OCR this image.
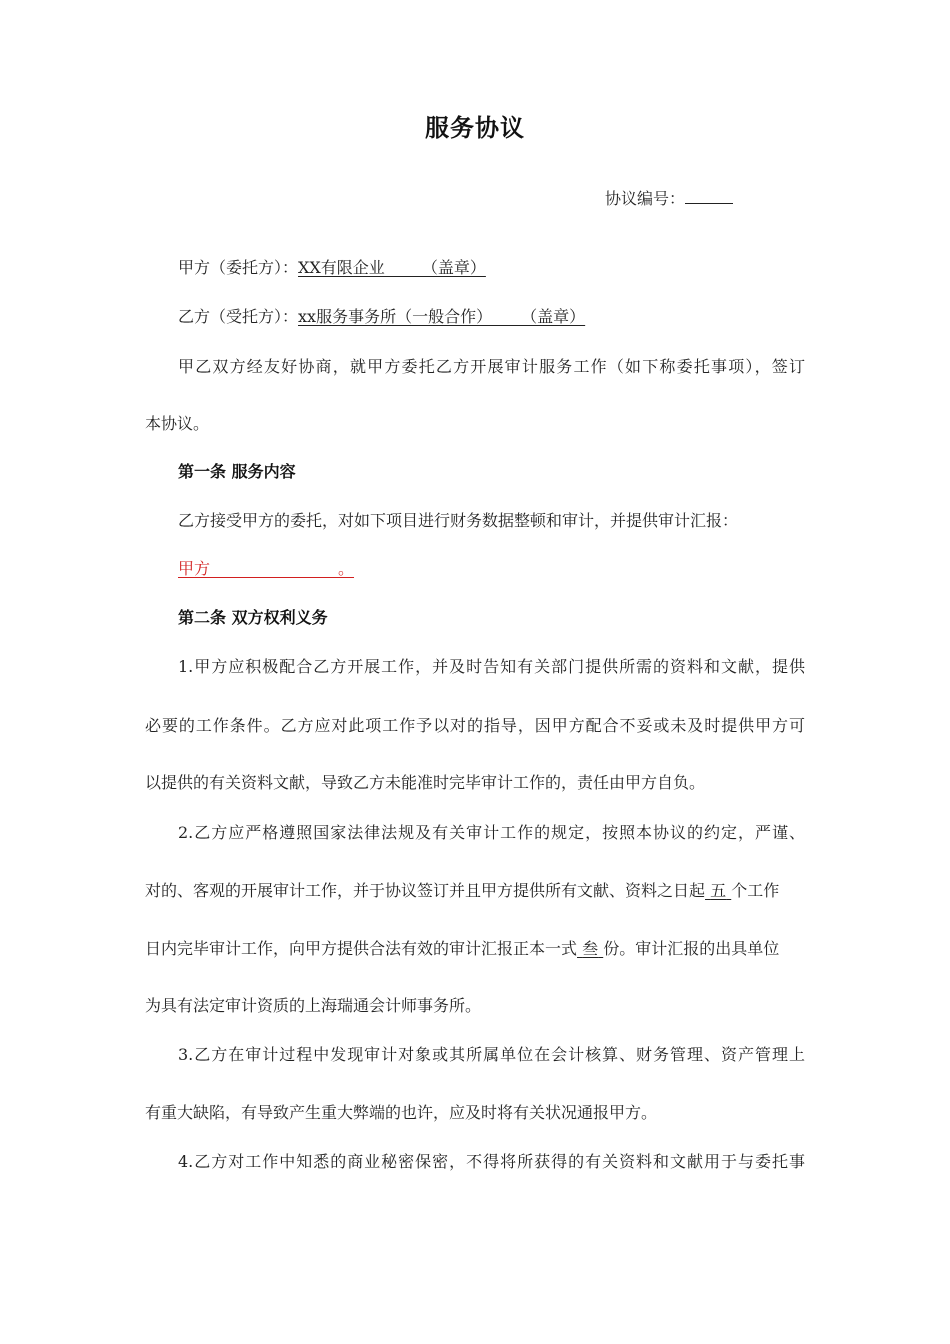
服务协议
协议编号：
甲方（委托方）：XX有限企业　　 （盖章）
乙方（受托方）：xx服务事务所（一般合作）　　 （盖章）
甲乙双方经友好协商，就甲方委托乙方开展审计服务工作（如下称委托事项），签订
本协议。
第一条 服务内容
乙方接受甲方的委托，对如下项目进行财务数据整顿和审计，并提供审计汇报：
甲方　　　　　　　　。
第二条 双方权利义务
1.甲方应积极配合乙方开展工作，并及时告知有关部门提供所需的资料和文献，提供
必要的工作条件。乙方应对此项工作予以对的指导，因甲方配合不妥或未及时提供甲方可
以提供的有关资料文献，导致乙方未能准时完毕审计工作的，责任由甲方自负。
2.乙方应严格遵照国家法律法规及有关审计工作的规定，按照本协议的约定，严谨、
对的、客观的开展审计工作，并于协议签订并且甲方提供所有文献、资料之日起 五 个工作
日内完毕审计工作，向甲方提供合法有效的审计汇报正本一式 叁 份。审计汇报的出具单位
为具有法定审计资质的上海瑞通会计师事务所。
3.乙方在审计过程中发现审计对象或其所属单位在会计核算、财务管理、资产管理上
有重大缺陷，有导致产生重大弊端的也许，应及时将有关状况通报甲方。
4.乙方对工作中知悉的商业秘密保密，不得将所获得的有关资料和文献用于与委托事
